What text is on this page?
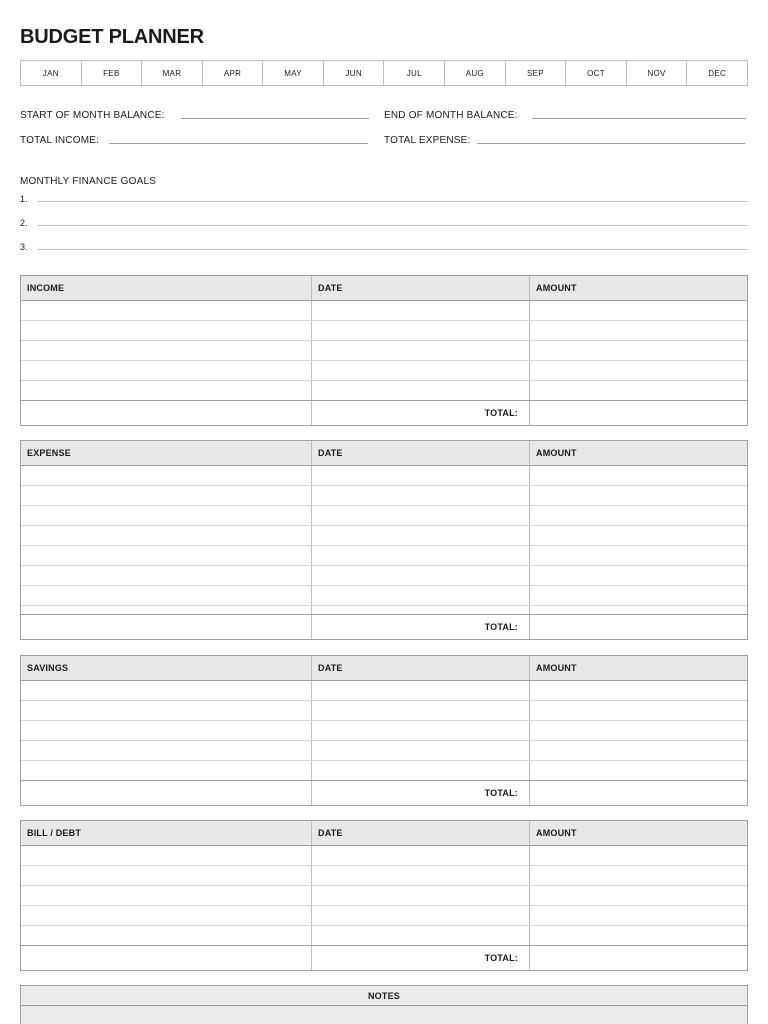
BUDGET PLANNER
JAN	FEB	MAR	APR	MAY	JUN	JUL	AUG	SEP	OCT	NOV	DEC
START OF MONTH BALANCE:	END OF MONTH BALANCE:
TOTAL INCOME:	TOTAL EXPENSE:
MONTHLY FINANCE GOALS
1.
2.
3.
INCOME	DATE	AMOUNT
TOTAL:
EXPENSE	DATE	AMOUNT
TOTAL:
SAVINGS	DATE	AMOUNT
TOTAL:
BILL / DEBT	DATE	AMOUNT
TOTAL:
NOTES
